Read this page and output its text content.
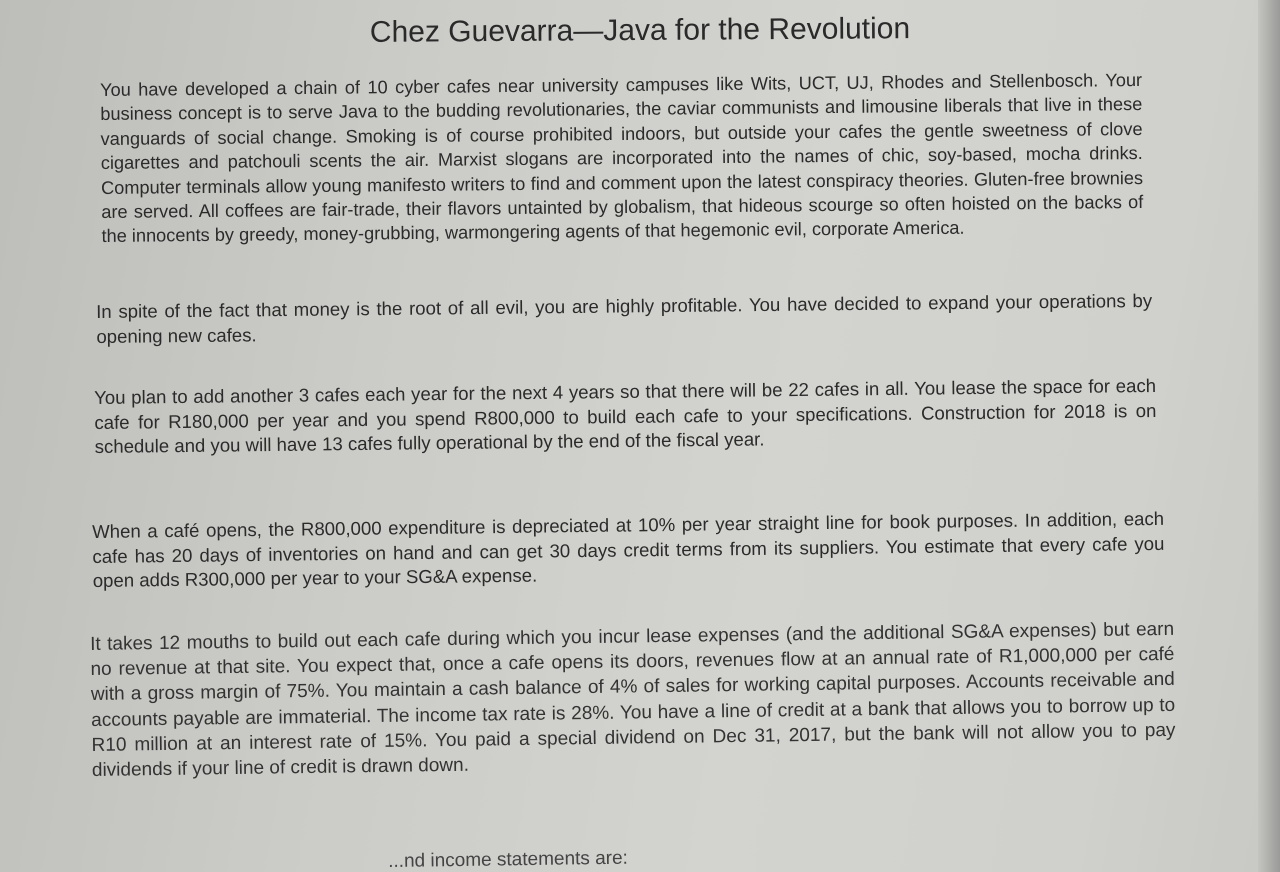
Chez Guevarra—Java for the Revolution
You have developed a chain of 10 cyber cafes near university campuses like Wits, UCT, UJ, Rhodes and Stellenbosch. Your business concept is to serve Java to the budding revolutionaries, the caviar communists and limousine liberals that live in these vanguards of social change. Smoking is of course prohibited indoors, but outside your cafes the gentle sweetness of clove cigarettes and patchouli scents the air. Marxist slogans are incorporated into the names of chic, soy-based, mocha drinks. Computer terminals allow young manifesto writers to find and comment upon the latest conspiracy theories. Gluten-free brownies are served. All coffees are fair-trade, their flavors untainted by globalism, that hideous scourge so often hoisted on the backs of the innocents by greedy, money-grubbing, warmongering agents of that hegemonic evil, corporate America.
In spite of the fact that money is the root of all evil, you are highly profitable. You have decided to expand your operations by opening new cafes.
You plan to add another 3 cafes each year for the next 4 years so that there will be 22 cafes in all. You lease the space for each cafe for R180,000 per year and you spend R800,000 to build each cafe to your specifications. Construction for 2018 is on schedule and you will have 13 cafes fully operational by the end of the fiscal year.
When a café opens, the R800,000 expenditure is depreciated at 10% per year straight line for book purposes. In addition, each cafe has 20 days of inventories on hand and can get 30 days credit terms from its suppliers. You estimate that every cafe you open adds R300,000 per year to your SG&A expense.
It takes 12 mouths to build out each cafe during which you incur lease expenses (and the additional SG&A expenses) but earn no revenue at that site. You expect that, once a cafe opens its doors, revenues flow at an annual rate of R1,000,000 per café with a gross margin of 75%. You maintain a cash balance of 4% of sales for working capital purposes. Accounts receivable and accounts payable are immaterial. The income tax rate is 28%. You have a line of credit at a bank that allows you to borrow up to R10 million at an interest rate of 15%. You paid a special dividend on Dec 31, 2017, but the bank will not allow you to pay dividends if your line of credit is drawn down.
...nd income statements are:
